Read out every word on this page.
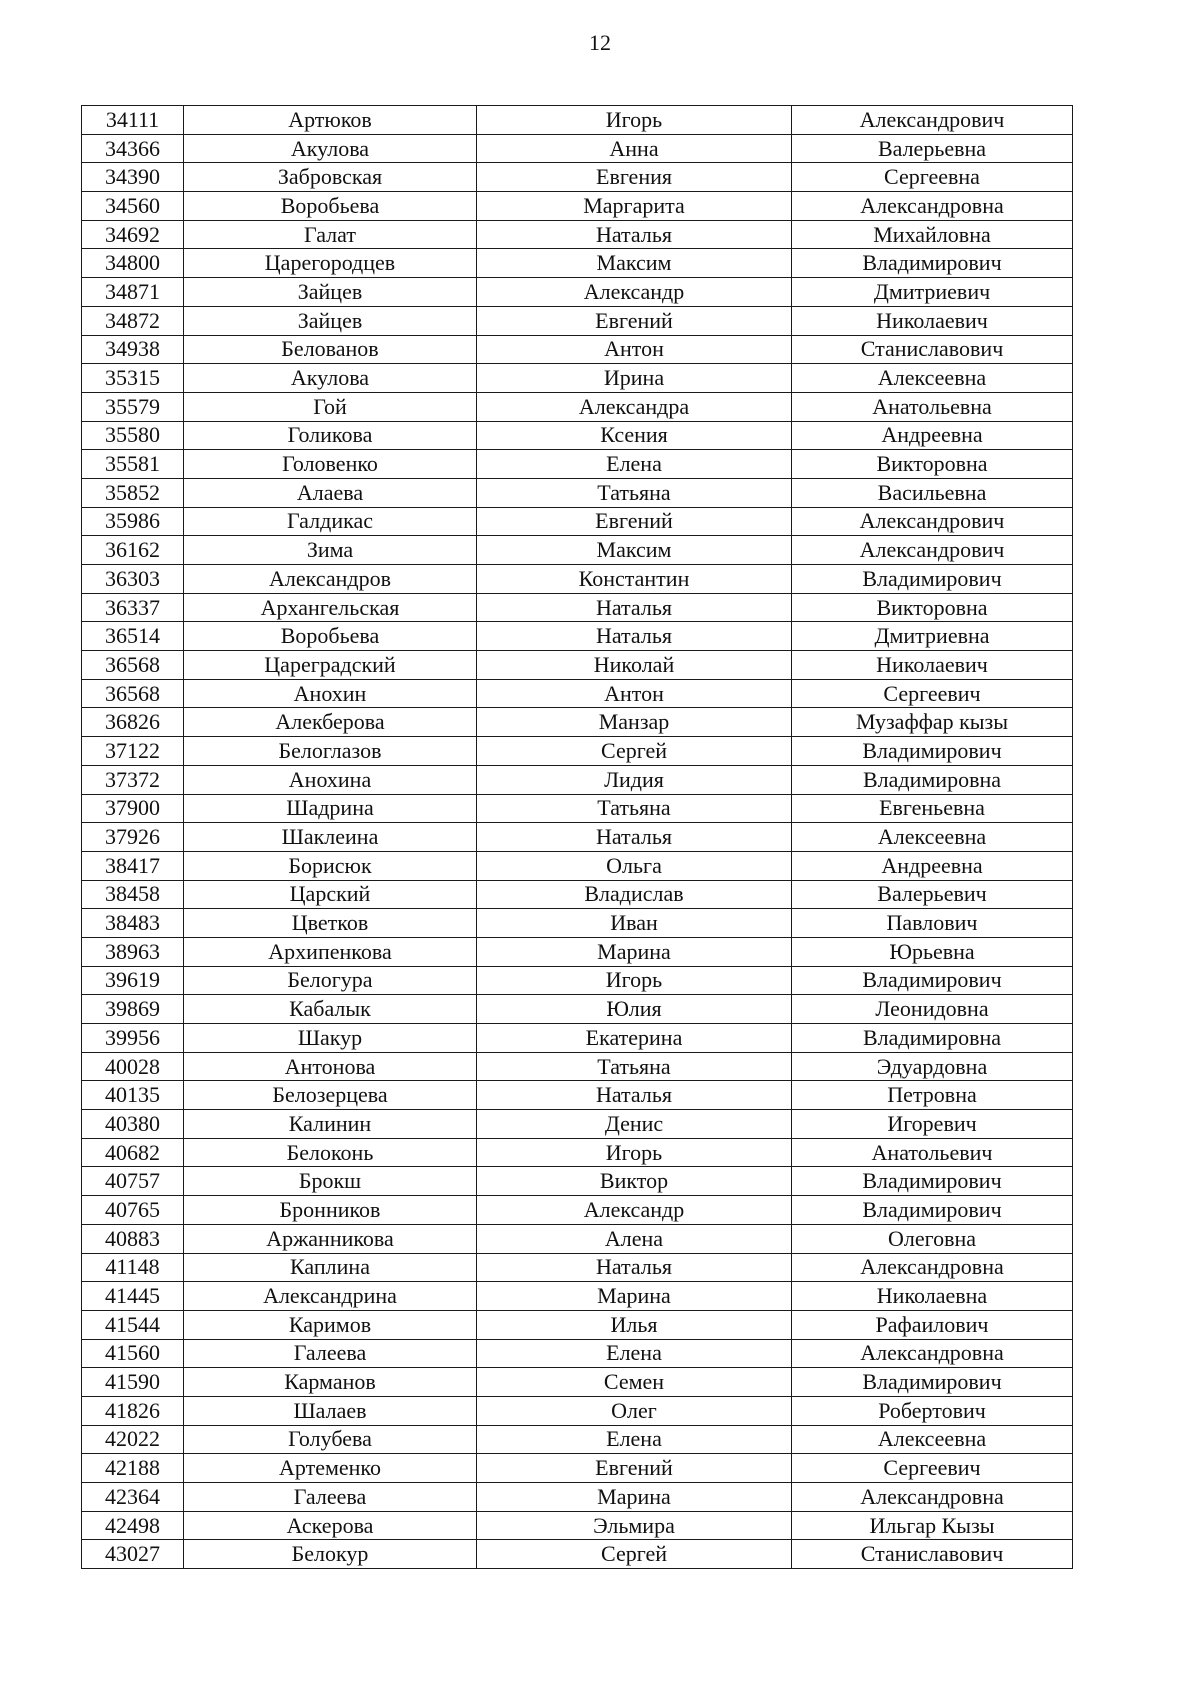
12
34111	Артюков	Игорь	Александрович
34366	Акулова	Анна	Валерьевна
34390	Забровская	Евгения	Сергеевна
34560	Воробьева	Маргарита	Александровна
34692	Галат	Наталья	Михайловна
34800	Царегородцев	Максим	Владимирович
34871	Зайцев	Александр	Дмитриевич
34872	Зайцев	Евгений	Николаевич
34938	Белованов	Антон	Станиславович
35315	Акулова	Ирина	Алексеевна
35579	Гой	Александра	Анатольевна
35580	Голикова	Ксения	Андреевна
35581	Головенко	Елена	Викторовна
35852	Алаева	Татьяна	Васильевна
35986	Галдикас	Евгений	Александрович
36162	Зима	Максим	Александрович
36303	Александров	Константин	Владимирович
36337	Архангельская	Наталья	Викторовна
36514	Воробьева	Наталья	Дмитриевна
36568	Цареградский	Николай	Николаевич
36568	Анохин	Антон	Сергеевич
36826	Алекберова	Манзар	Музаффар кызы
37122	Белоглазов	Сергей	Владимирович
37372	Анохина	Лидия	Владимировна
37900	Шадрина	Татьяна	Евгеньевна
37926	Шаклеина	Наталья	Алексеевна
38417	Борисюк	Ольга	Андреевна
38458	Царский	Владислав	Валерьевич
38483	Цветков	Иван	Павлович
38963	Архипенкова	Марина	Юрьевна
39619	Белогура	Игорь	Владимирович
39869	Кабалык	Юлия	Леонидовна
39956	Шакур	Екатерина	Владимировна
40028	Антонова	Татьяна	Эдуардовна
40135	Белозерцева	Наталья	Петровна
40380	Калинин	Денис	Игоревич
40682	Белоконь	Игорь	Анатольевич
40757	Брокш	Виктор	Владимирович
40765	Бронников	Александр	Владимирович
40883	Аржанникова	Алена	Олеговна
41148	Каплина	Наталья	Александровна
41445	Александрина	Марина	Николаевна
41544	Каримов	Илья	Рафаилович
41560	Галеева	Елена	Александровна
41590	Карманов	Семен	Владимирович
41826	Шалаев	Олег	Робертович
42022	Голубева	Елена	Алексеевна
42188	Артеменко	Евгений	Сергеевич
42364	Галеева	Марина	Александровна
42498	Аскерова	Эльмира	Ильгар Кызы
43027	Белокур	Сергей	Станиславович
